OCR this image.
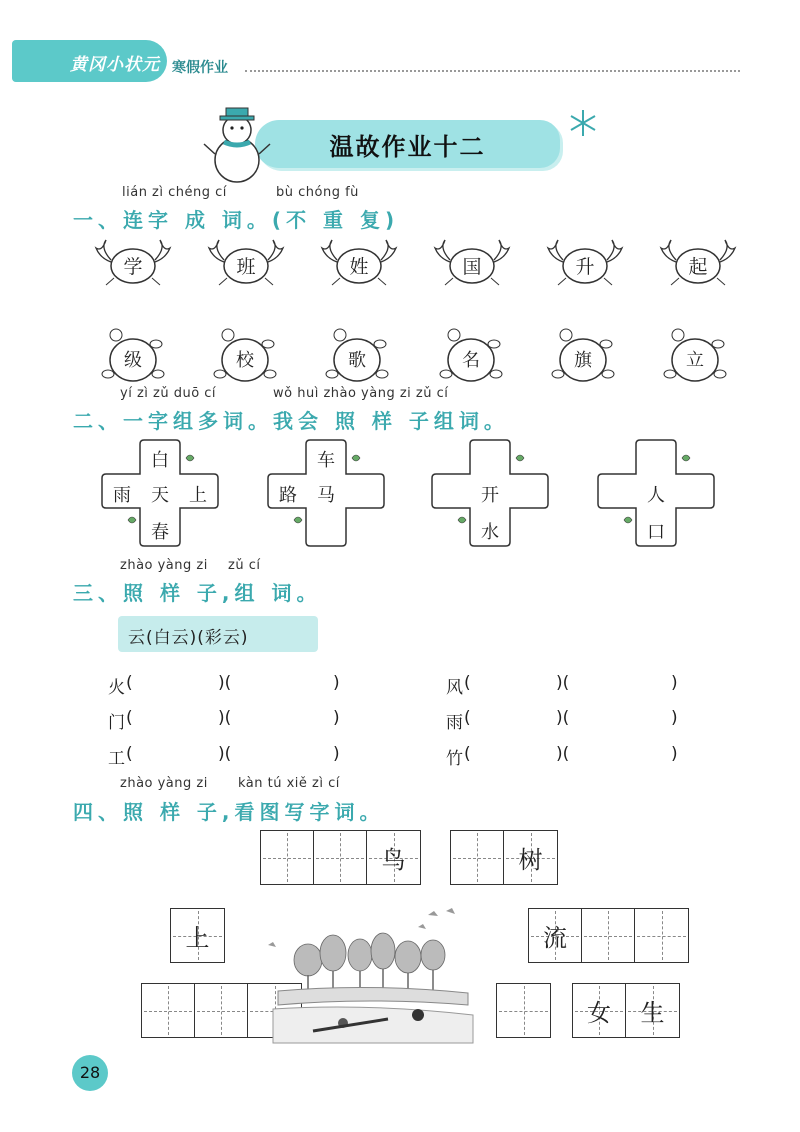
黄冈小状元 寒假作业
温故作业十二
lián zì chéng cí	bù chóng fù
一、连字 成 词。(不 重 复)
学	班	姓	国	升	起
级	校	歌	名	旗	立
yí zì zǔ duō cí	wǒ huì zhào yàng zi zǔ cí
二、一字组多词。我会 照 样 子组词。
白
雨	天	上
春
车
路	马	开
水
人
口
zhào yàng zi zǔ cí
三、照 样 子,组 词。
云(白云)(彩云)
火 (	)(	)
门 (	)(	)
工 (	)(	)
风 (	)(	)
雨 (	)(	)
竹 (	)(	)
zhào yàng zi kàn tú xiě zì cí
四、照 样 子,看图写字词。
鸟	树
上	流
女	生
28
